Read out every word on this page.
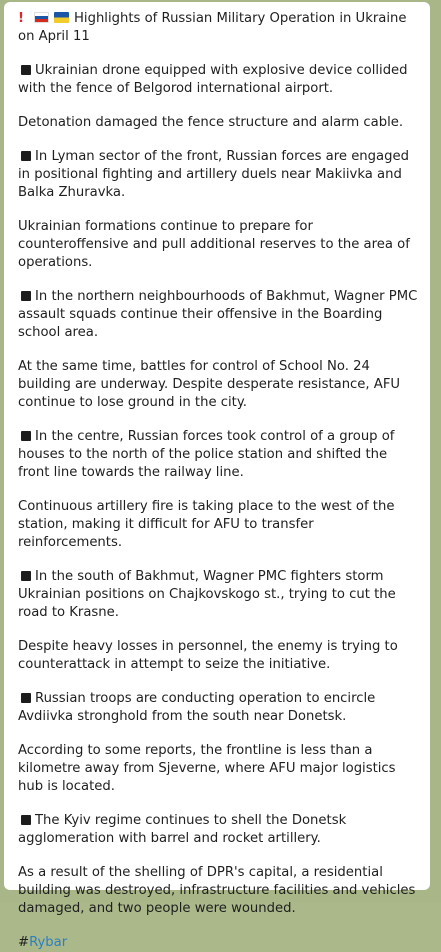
!	Highlights of Russian Military Operation in Ukraine on April 11
Ukrainian drone equipped with explosive device collided with the fence of Belgorod international airport.
Detonation damaged the fence structure and alarm cable.
In Lyman sector of the front, Russian forces are engaged in positional fighting and artillery duels near Makiivka and Balka Zhuravka.
Ukrainian formations continue to prepare for counteroffensive and pull additional reserves to the area of operations.
In the northern neighbourhoods of Bakhmut, Wagner PMC assault squads continue their offensive in the Boarding school area.
At the same time, battles for control of School No. 24 building are underway. Despite desperate resistance, AFU continue to lose ground in the city.
In the centre, Russian forces took control of a group of houses to the north of the police station and shifted the front line towards the railway line.
Continuous artillery fire is taking place to the west of the station, making it difficult for AFU to transfer reinforcements.
In the south of Bakhmut, Wagner PMC fighters storm Ukrainian positions on Chajkovskogo st., trying to cut the road to Krasne.
Despite heavy losses in personnel, the enemy is trying to counterattack in attempt to seize the initiative.
Russian troops are conducting operation to encircle Avdiivka stronghold from the south near Donetsk.
According to some reports, the frontline is less than a kilometre away from Sjeverne, where AFU major logistics hub is located.
The Kyiv regime continues to shell the Donetsk agglomeration with barrel and rocket artillery.
As a result of the shelling of DPR's capital, a residential building was destroyed, infrastructure facilities and vehicles damaged, and two people were wounded.
#Rybar
